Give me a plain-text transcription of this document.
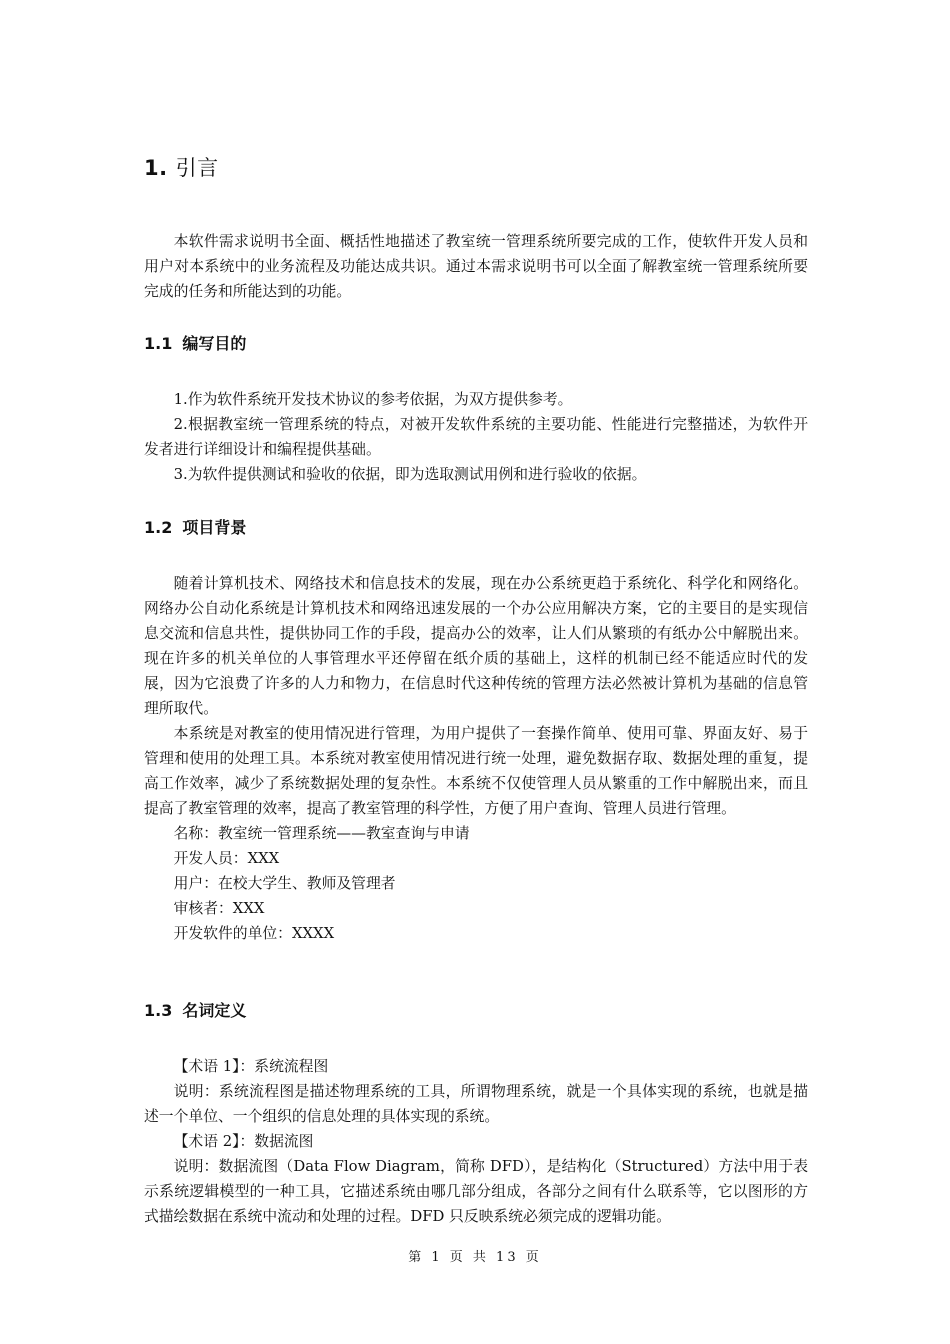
1. 引言

本软件需求说明书全面、概括性地描述了教室统一管理系统所要完成的工作，使软件开发人员和用户对本系统中的业务流程及功能达成共识。通过本需求说明书可以全面了解教室统一管理系统所要完成的任务和所能达到的功能。

1.1 编写目的

1.作为软件系统开发技术协议的参考依据，为双方提供参考。

2.根据教室统一管理系统的特点，对被开发软件系统的主要功能、性能进行完整描述，为软件开发者进行详细设计和编程提供基础。

3.为软件提供测试和验收的依据，即为选取测试用例和进行验收的依据。

1.2 项目背景

随着计算机技术、网络技术和信息技术的发展，现在办公系统更趋于系统化、科学化和网络化。网络办公自动化系统是计算机技术和网络迅速发展的一个办公应用解决方案，它的主要目的是实现信息交流和信息共性，提供协同工作的手段，提高办公的效率，让人们从繁琐的有纸办公中解脱出来。现在许多的机关单位的人事管理水平还停留在纸介质的基础上，这样的机制已经不能适应时代的发展，因为它浪费了许多的人力和物力，在信息时代这种传统的管理方法必然被计算机为基础的信息管理所取代。

本系统是对教室的使用情况进行管理，为用户提供了一套操作简单、使用可靠、界面友好、易于管理和使用的处理工具。本系统对教室使用情况进行统一处理，避免数据存取、数据处理的重复，提高工作效率，减少了系统数据处理的复杂性。本系统不仅使管理人员从繁重的工作中解脱出来，而且提高了教室管理的效率，提高了教室管理的科学性，方便了用户查询、管理人员进行管理。

名称：教室统一管理系统——教室查询与申请

开发人员：XXX

用户：在校大学生、教师及管理者

审核者：XXX

开发软件的单位：XXXX

1.3 名词定义

【术语 1】：系统流程图

说明：系统流程图是描述物理系统的工具，所谓物理系统，就是一个具体实现的系统，也就是描述一个单位、一个组织的信息处理的具体实现的系统。

【术语 2】：数据流图

说明：数据流图（Data Flow Diagram，简称 DFD），是结构化（Structured）方法中用于表示系统逻辑模型的一种工具，它描述系统由哪几部分组成，各部分之间有什么联系等，它以图形的方式描绘数据在系统中流动和处理的过程。DFD 只反映系统必须完成的逻辑功能。

第 1 页 共 13 页
